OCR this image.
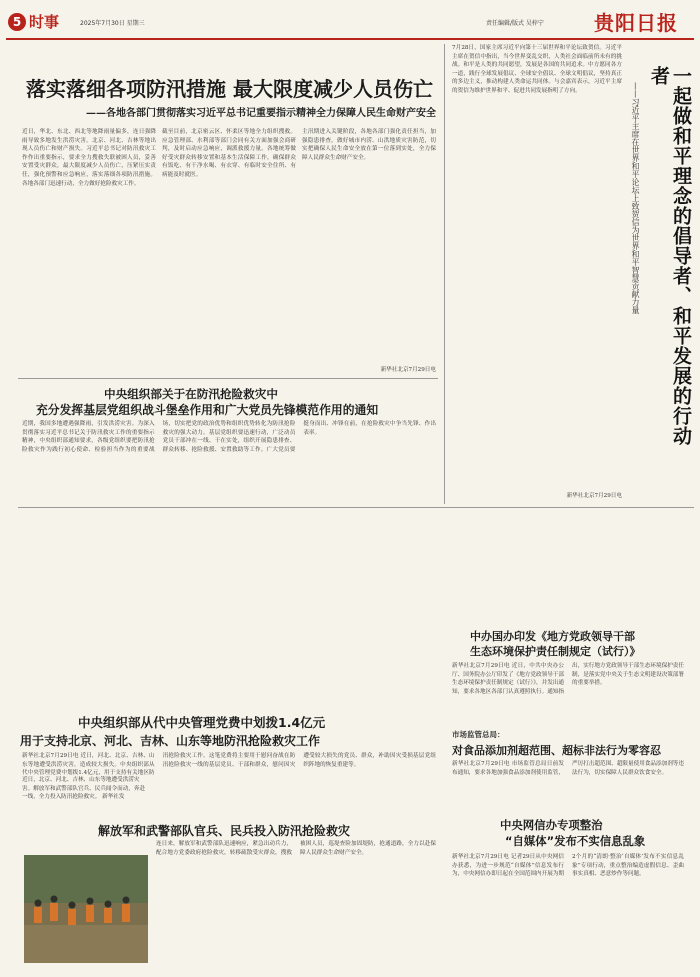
5 时事	2025年7月30日 星期三	责任编辑/版式 吴梓宁	贵阳日报
落实落细各项防汛措施 最大限度减少人员伤亡
——各地各部门贯彻落实习近平总书记重要指示精神全力保障人民生命财产安全
近日，华北、东北、西北等地降雨量偏多，连日强降雨导致多地发生洪涝灾害。北京、河北、吉林等地出现人员伤亡和财产损失。习近平总书记对防汛救灾工作作出重要指示，要求全力搜救失联被困人员，妥善安置受灾群众，最大限度减少人员伤亡，压紧压实责任，强化预警和应急响应，落实落细各项防汛措施。各地各部门迅速行动，全力做好抢险救灾工作。
截至目前，北京密云区、怀柔区等地全力组织搜救。应急管理部、水利部等部门会同有关方面加强会商研判，及时启动应急响应，调派救援力量。各地统筹做好受灾群众转移安置和基本生活保障工作，确保群众有饭吃、有干净水喝、有衣穿、有临时安全住所、有病能及时就医。
主汛期进入关键阶段，各地各部门强化责任担当，加强隐患排查，做好城市内涝、山洪地质灾害防范，切实把确保人民生命安全放在第一位落到实处，全力保障人民群众生命财产安全。
新华社北京7月29日电	一起做和平理念的倡导者、和平发展的行动者
——习近平主席在世界和平论坛上致贺信为世界和平智慧贡献力量
7月28日，国家主席习近平向第十三届世界和平论坛致贺信。习近平主席在贺信中指出，当今世界变乱交织，人类社会面临前所未有的挑战。和平是人类的共同愿望，发展是各国的共同追求。中方愿同各方一道，践行全球发展倡议、全球安全倡议、全球文明倡议，坚持真正的多边主义，推动构建人类命运共同体。与会嘉宾表示，习近平主席的贺信为维护世界和平、促进共同发展指明了方向。
新华社北京7月29日电
中央组织部关于在防汛抢险救灾中
充分发挥基层党组织战斗堡垒作用和广大党员先锋模范作用的通知
近期，我国多地遭遇强降雨，引发洪涝灾害。为深入贯彻落实习近平总书记关于防汛救灾工作的重要指示精神，中央组织部通知要求，各级党组织要把防汛抢险救灾作为践行初心使命、检验担当作为的重要战场，切实把党的政治优势和组织优势转化为防汛抢险救灾的强大动力。基层党组织要迅速行动，广泛动员党员干部冲在一线、干在实处，组织开展隐患排查、群众转移、抢险救援、安置救助等工作。广大党员要挺身而出、冲锋在前，在抢险救灾中争当先锋、作出表率。
中央组织部从代中央管理党费中划拨1.4亿元
用于支持北京、河北、吉林、山东等地防汛抢险救灾工作
新华社北京7月29日电 近日，河北、北京、吉林、山东等地遭受洪涝灾害，造成较大损失。中央组织部从代中央管理党费中划拨1.4亿元，用于支持有关地区防汛抢险救灾工作。这笔党费将主要用于慰问奋战在防汛抢险救灾一线的基层党员、干部和群众，慰问因灾遭受较大损失的党员、群众，补助因灾受损基层党组织阵地的恢复重建等。
解放军和武警部队官兵、民兵投入防汛抢险救灾
连日来，解放军和武警部队迅速响应，紧急出动兵力，配合地方党委政府抢险救灾，转移疏散受灾群众，搜救被困人员，巡堤查险加固堤防，抢通道路，全力以赴保障人民群众生命财产安全。
中办国办印发《地方党政领导干部
生态环境保护责任制规定（试行）》
新华社北京7月29日电 近日，中共中央办公厅、国务院办公厅印发了《地方党政领导干部生态环境保护责任制规定（试行）》，并发出通知，要求各地区各部门认真遵照执行。通知指出，实行地方党政领导干部生态环境保护责任制，是落实党中央关于生态文明建设决策部署的重要举措。
市场监管总局：
对食品添加剂超范围、超标非法行为零容忍
新华社北京7月29日电 市场监管总局日前发布通知，要求各地加强食品添加剂使用监管，严厉打击超范围、超限量使用食品添加剂等违法行为，切实保障人民群众饮食安全。
中央网信办专项整治
“自媒体”发布不实信息乱象
新华社北京7月29日电 记者29日从中央网信办获悉，为进一步规范“自媒体”信息发布行为，中央网信办即日起在全国范围内开展为期2个月的“清朗·整治‘自媒体’发布不实信息乱象”专项行动，重点整治编造虚假信息、歪曲事实真相、恶意炒作等问题。
近日，北京、河北、吉林、山东等地遭受洪涝灾害。解放军和武警部队官兵、民兵闻令而动，奔赴一线，全力投入防汛抢险救灾。 新华社发
